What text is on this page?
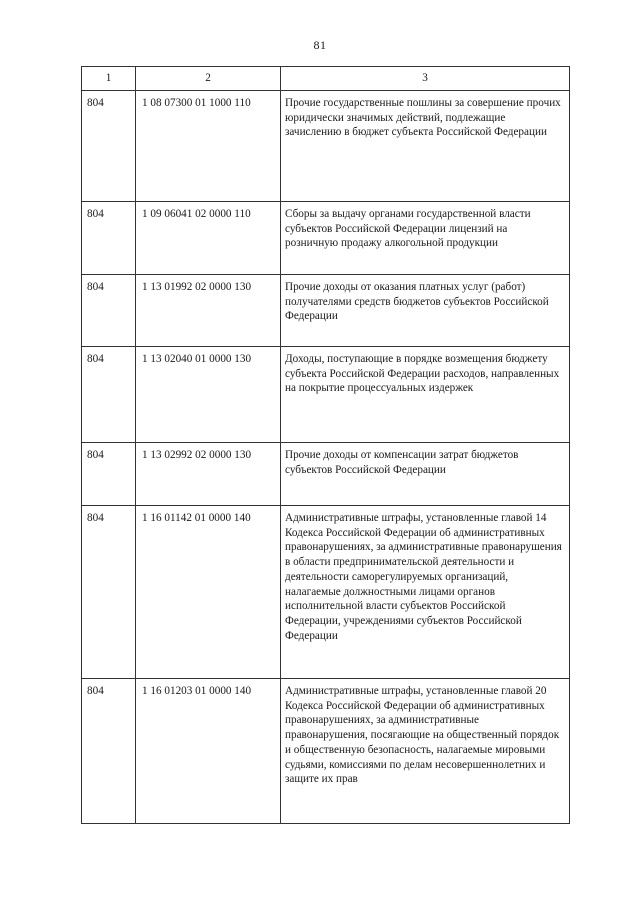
81
1	2	3
804	1 08 07300 01 1000 110	Прочие государственные пошлины за совершение прочих юридически значимых действий, подлежащие зачислению в бюджет субъекта Российской Федерации
804	1 09 06041 02 0000 110	Сборы за выдачу органами государственной власти субъектов Российской Федерации лицензий на розничную продажу алкогольной продукции
804	1 13 01992 02 0000 130	Прочие доходы от оказания платных услуг (работ) получателями средств бюджетов субъектов Российской Федерации
804	1 13 02040 01 0000 130	Доходы, поступающие в порядке возмещения бюджету субъекта Российской Федерации расходов, направленных на покрытие процессуальных издержек
804	1 13 02992 02 0000 130	Прочие доходы от компенсации затрат бюджетов субъектов Российской Федерации
804	1 16 01142 01 0000 140	Административные штрафы, установленные главой 14 Кодекса Российской Федерации об административных правонарушениях, за административные правонарушения в области предпринимательской деятельности и деятельности саморегулируемых организаций, налагаемые должностными лицами органов исполнительной власти субъектов Российской Федерации, учреждениями субъектов Российской Федерации
804	1 16 01203 01 0000 140	Административные штрафы, установленные главой 20 Кодекса Российской Федерации об административных правонарушениях, за административные правонарушения, посягающие на общественный порядок и общественную безопасность, налагаемые мировыми судьями, комиссиями по делам несовершеннолетних и защите их прав
